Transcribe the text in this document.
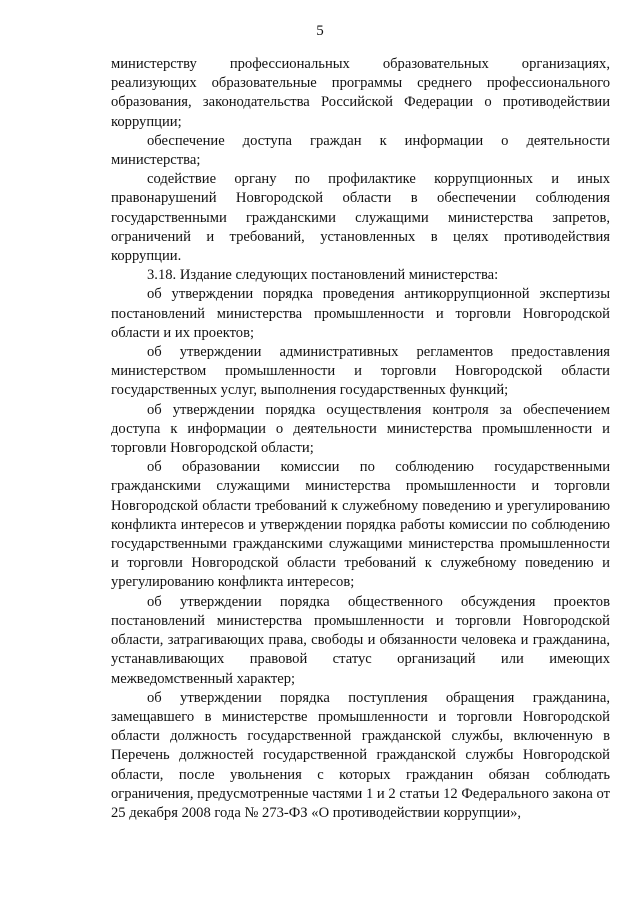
5

министерству профессиональных образовательных организациях, реализующих образовательные программы среднего профессионального образования, законодательства Российской Федерации о противодействии коррупции;

обеспечение доступа граждан к информации о деятельности министерства;

содействие органу по профилактике коррупционных и иных правонарушений Новгородской области в обеспечении соблюдения государственными гражданскими служащими министерства запретов, ограничений и требований, установленных в целях противодействия коррупции.

3.18. Издание следующих постановлений министерства:

об утверждении порядка проведения антикоррупционной экспертизы постановлений министерства промышленности и торговли Новгородской области и их проектов;

об утверждении административных регламентов предоставления министерством промышленности и торговли Новгородской области государственных услуг, выполнения государственных функций;

об утверждении порядка осуществления контроля за обеспечением доступа к информации о деятельности министерства промышленности и торговли Новгородской области;

об образовании комиссии по соблюдению государственными гражданскими служащими министерства промышленности и торговли Новгородской области требований к служебному поведению и урегулированию конфликта интересов и утверждении порядка работы комиссии по соблюдению государственными гражданскими служащими министерства промышленности и торговли Новгородской области требований к служебному поведению и урегулированию конфликта интересов;

об утверждении порядка общественного обсуждения проектов постановлений министерства промышленности и торговли Новгородской области, затрагивающих права, свободы и обязанности человека и гражданина, устанавливающих правовой статус организаций или имеющих межведомственный характер;

об утверждении порядка поступления обращения гражданина, замещавшего в министерстве промышленности и торговли Новгородской области должность государственной гражданской службы, включенную в Перечень должностей государственной гражданской службы Новгородской области, после увольнения с которых гражданин обязан соблюдать ограничения, предусмотренные частями 1 и 2 статьи 12 Федерального закона от 25 декабря 2008 года № 273-ФЗ «О противодействии коррупции»,
